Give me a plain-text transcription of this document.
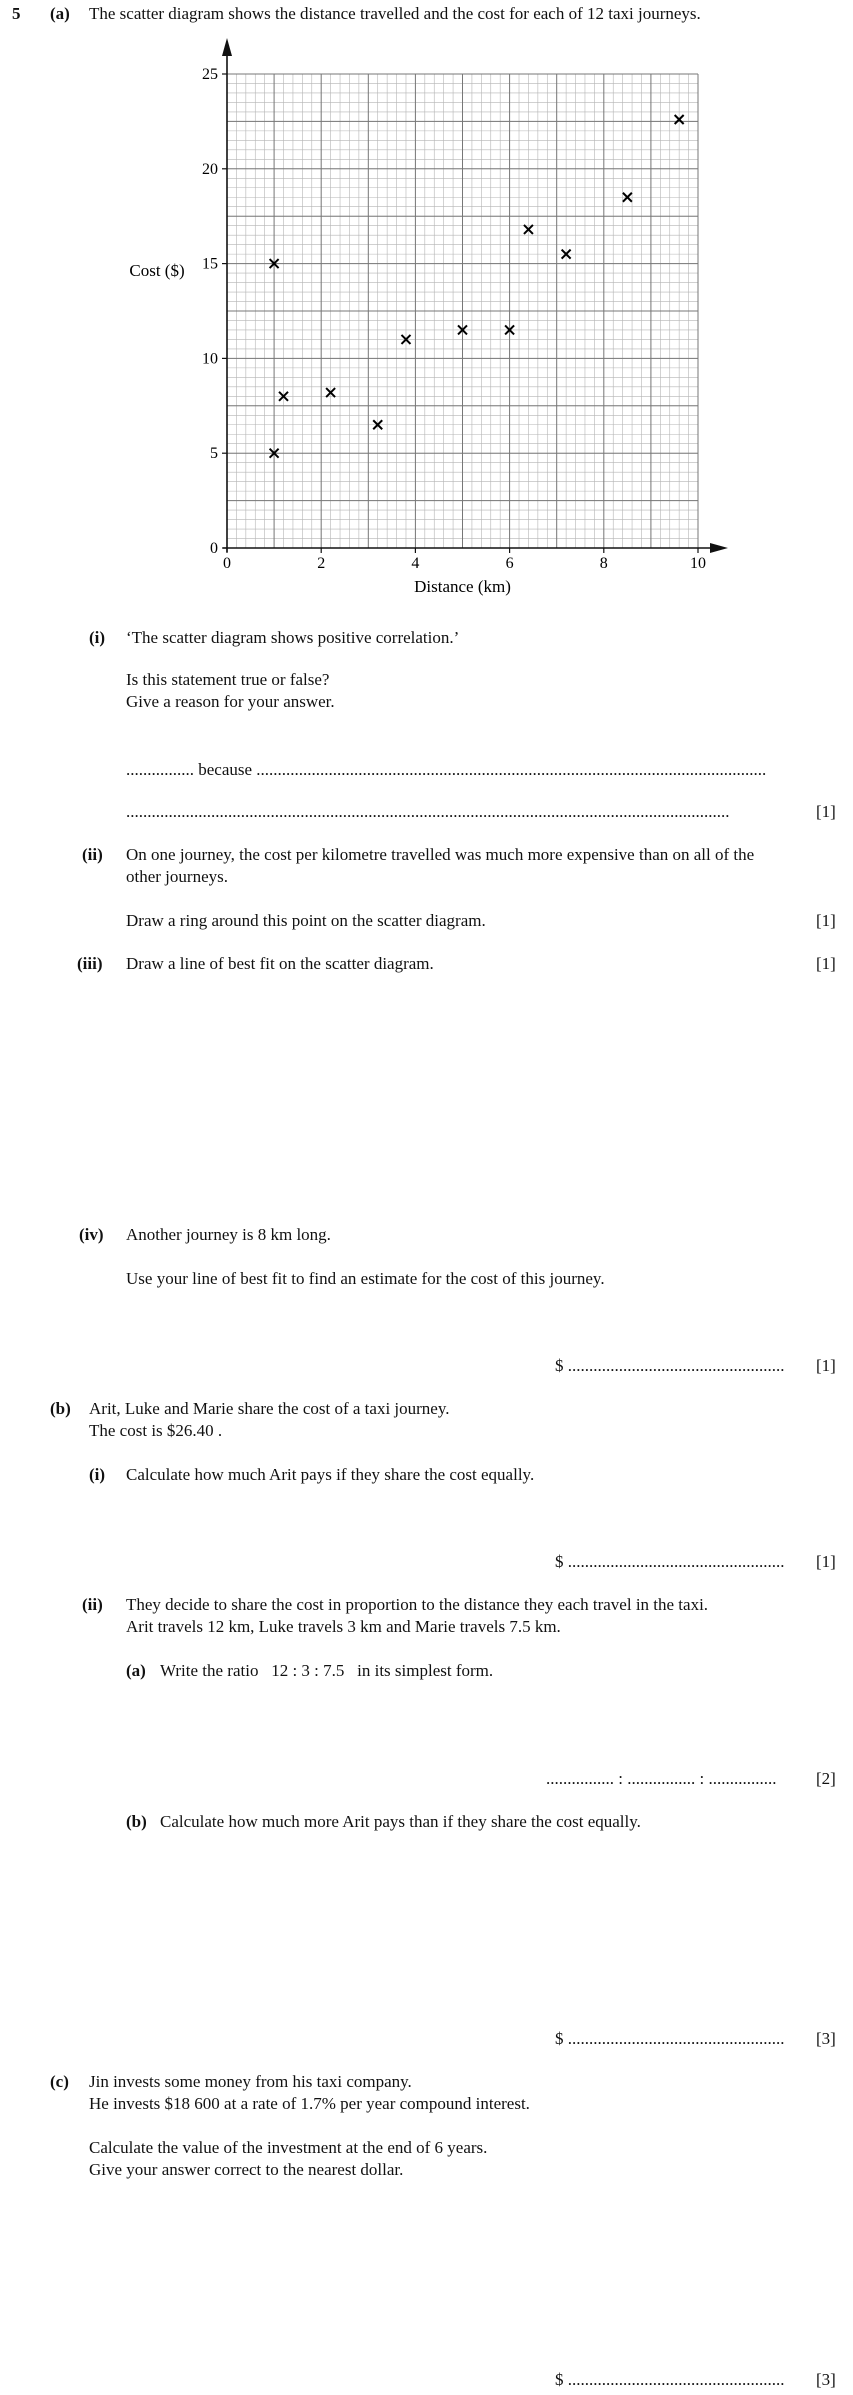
5 (a) The scatter diagram shows the distance travelled and the cost for each of 12 taxi journeys.
0	2	4	6	8	10
0
5
10
15
20
25
Distance (km)
Cost ($)
(i) ‘The scatter diagram shows positive correlation.’
Is this statement true or false?
Give a reason for your answer.
................ because ........................................................................................................................
..............................................................................................................................................	[1]
(ii) On one journey, the cost per kilometre travelled was much more expensive than on all of the
other journeys.
Draw a ring around this point on the scatter diagram.	[1]
(iii) Draw a line of best fit on the scatter diagram.	[1]
(iv) Another journey is 8 km long.
Use your line of best fit to find an estimate for the cost of this journey.
$ ................................................... [1]
(b) Arit, Luke and Marie share the cost of a taxi journey.
The cost is $26.40 .
(i) Calculate how much Arit pays if they share the cost equally.
$ ................................................... [1]
(ii) They decide to share the cost in proportion to the distance they each travel in the taxi.
Arit travels 12 km, Luke travels 3 km and Marie travels 7.5 km.
(a) Write the ratio   12 : 3 : 7.5   in its simplest form.
................ : ................ : ................ [2]
(b) Calculate how much more Arit pays than if they share the cost equally.
$ ................................................... [3]
(c) Jin invests some money from his taxi company.
He invests $18 600 at a rate of 1.7% per year compound interest.
Calculate the value of the investment at the end of 6 years.
Give your answer correct to the nearest dollar.
$ ................................................... [3]
